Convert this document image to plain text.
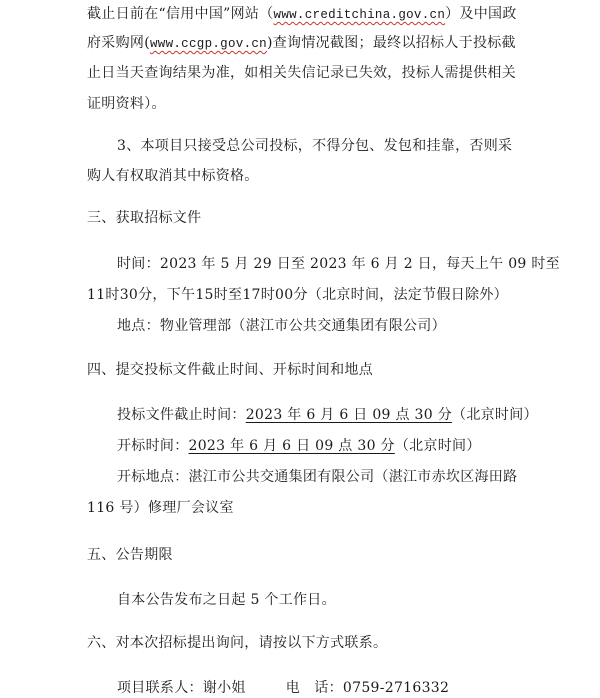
截止日前在“信用中国”网站（www.creditchina.gov.cn）及中国政
府采购网(www.ccgp.gov.cn)查询情况截图；最终以招标人于投标截
止日当天查询结果为准，如相关失信记录已失效，投标人需提供相关
证明资料）。
3、本项目只接受总公司投标，不得分包、发包和挂靠，否则采
购人有权取消其中标资格。
三、获取招标文件
时间：2023 年 5 月 29 日至 2023 年 6 月 2 日，每天上午 09 时至
11时30分，下午15时至17时00分（北京时间，法定节假日除外）
地点：物业管理部（湛江市公共交通集团有限公司）
四、提交投标文件截止时间、开标时间和地点
投标文件截止时间：2023 年 6 月 6 日 09 点 30 分（北京时间）
开标时间：2023 年 6 月 6 日 09 点 30 分（北京时间）
开标地点：湛江市公共交通集团有限公司（湛江市赤坎区海田路
116 号）修理厂会议室
五、公告期限
自本公告发布之日起 5 个工作日。
六、对本次招标提出询问，请按以下方式联系。
项目联系人：谢小姐	电　话：0759-2716332
